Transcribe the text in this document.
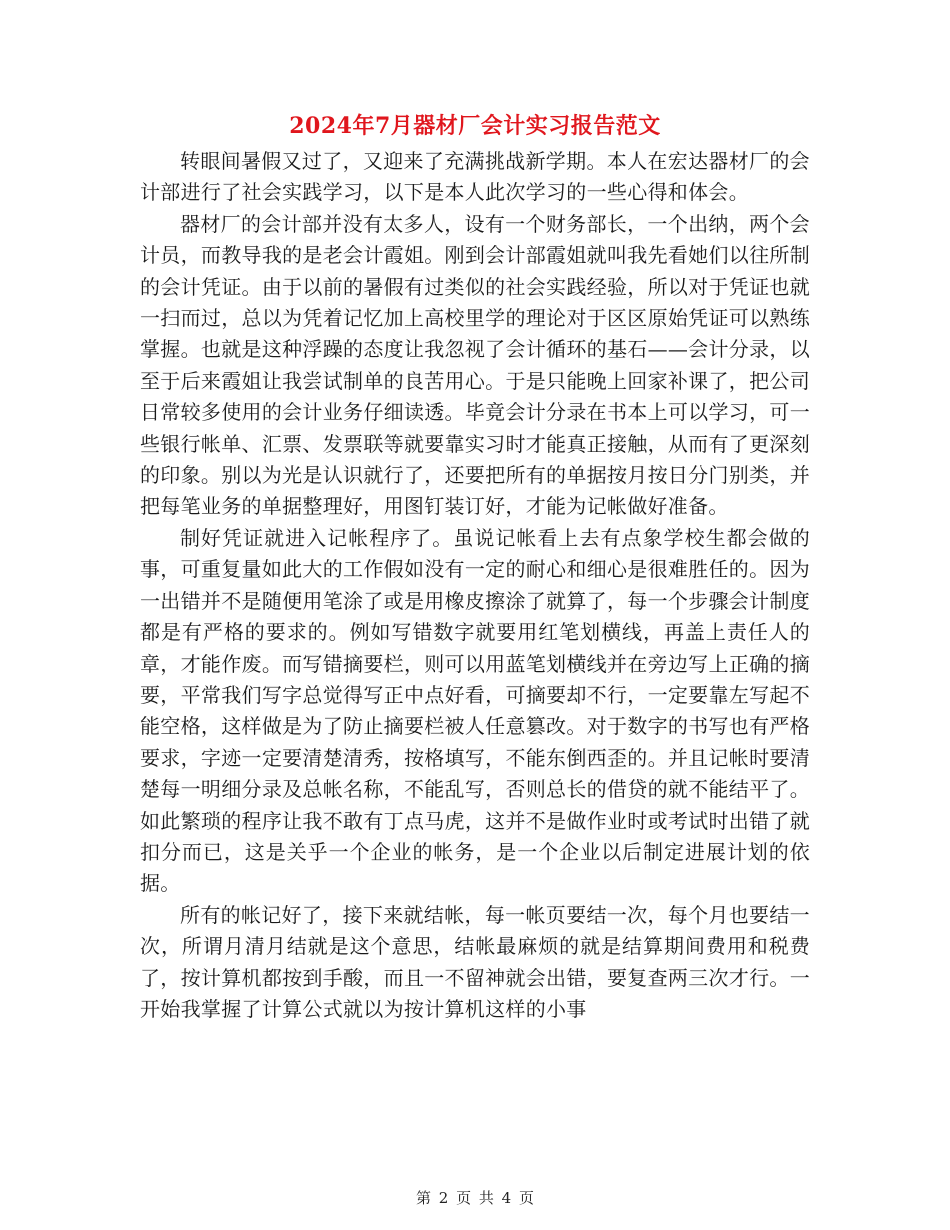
2024年7月器材厂会计实习报告范文

转眼间暑假又过了，又迎来了充满挑战新学期。本人在宏达器材厂的会计部进行了社会实践学习，以下是本人此次学习的一些心得和体会。

器材厂的会计部并没有太多人，设有一个财务部长，一个出纳，两个会计员，而教导我的是老会计霞姐。刚到会计部霞姐就叫我先看她们以往所制的会计凭证。由于以前的暑假有过类似的社会实践经验，所以对于凭证也就一扫而过，总以为凭着记忆加上高校里学的理论对于区区原始凭证可以熟练掌握。也就是这种浮躁的态度让我忽视了会计循环的基石——会计分录，以至于后来霞姐让我尝试制单的良苦用心。于是只能晚上回家补课了，把公司日常较多使用的会计业务仔细读透。毕竟会计分录在书本上可以学习，可一些银行帐单、汇票、发票联等就要靠实习时才能真正接触，从而有了更深刻的印象。别以为光是认识就行了，还要把所有的单据按月按日分门别类，并把每笔业务的单据整理好，用图钉装订好，才能为记帐做好准备。

制好凭证就进入记帐程序了。虽说记帐看上去有点象学校生都会做的事，可重复量如此大的工作假如没有一定的耐心和细心是很难胜任的。因为一出错并不是随便用笔涂了或是用橡皮擦涂了就算了，每一个步骤会计制度都是有严格的要求的。例如写错数字就要用红笔划横线，再盖上责任人的章，才能作废。而写错摘要栏，则可以用蓝笔划横线并在旁边写上正确的摘要，平常我们写字总觉得写正中点好看，可摘要却不行，一定要靠左写起不能空格，这样做是为了防止摘要栏被人任意篡改。对于数字的书写也有严格要求，字迹一定要清楚清秀，按格填写，不能东倒西歪的。并且记帐时要清楚每一明细分录及总帐名称，不能乱写，否则总长的借贷的就不能结平了。如此繁琐的程序让我不敢有丁点马虎，这并不是做作业时或考试时出错了就扣分而已，这是关乎一个企业的帐务，是一个企业以后制定进展计划的依据。

所有的帐记好了，接下来就结帐，每一帐页要结一次，每个月也要结一次，所谓月清月结就是这个意思，结帐最麻烦的就是结算期间费用和税费了，按计算机都按到手酸，而且一不留神就会出错，要复查两三次才行。一开始我掌握了计算公式就以为按计算机这样的小事

第 2 页 共 4 页
